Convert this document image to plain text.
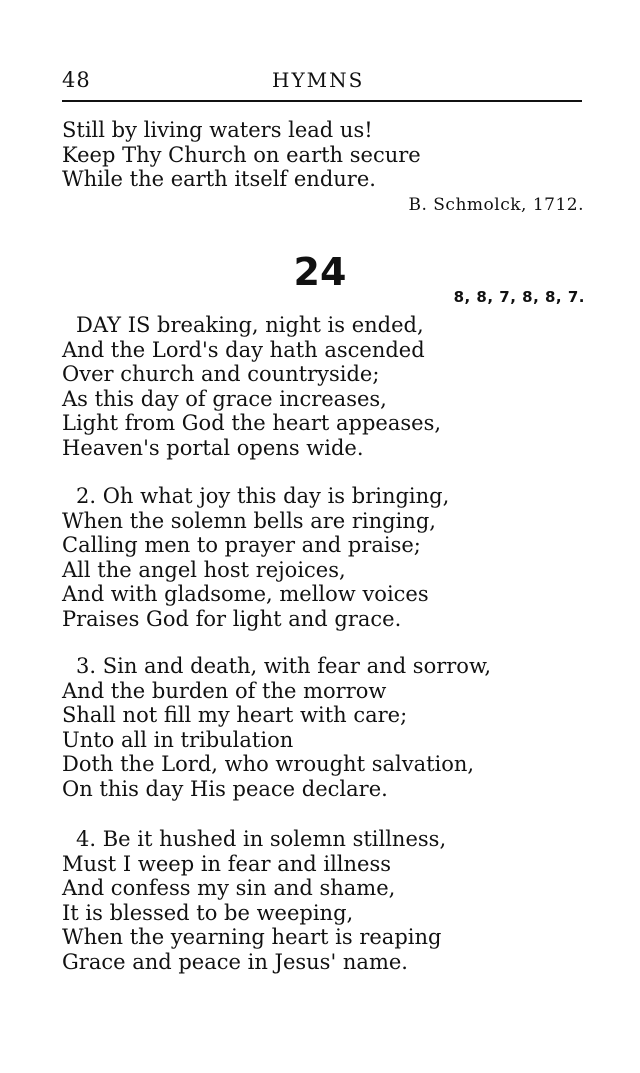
48	HYMNS
Still by living waters lead us!
Keep Thy Church on earth secure
While the earth itself endure.
B. Schmolck, 1712.
24
8, 8, 7, 8, 8, 7.
DAY IS breaking, night is ended,
And the Lord's day hath ascended
Over church and countryside;
As this day of grace increases,
Light from God the heart appeases,
Heaven's portal opens wide.
2. Oh what joy this day is bringing,
When the solemn bells are ringing,
Calling men to prayer and praise;
All the angel host rejoices,
And with gladsome, mellow voices
Praises God for light and grace.
3. Sin and death, with fear and sorrow,
And the burden of the morrow
Shall not fill my heart with care;
Unto all in tribulation
Doth the Lord, who wrought salvation,
On this day His peace declare.
4. Be it hushed in solemn stillness,
Must I weep in fear and illness
And confess my sin and shame,
It is blessed to be weeping,
When the yearning heart is reaping
Grace and peace in Jesus' name.
